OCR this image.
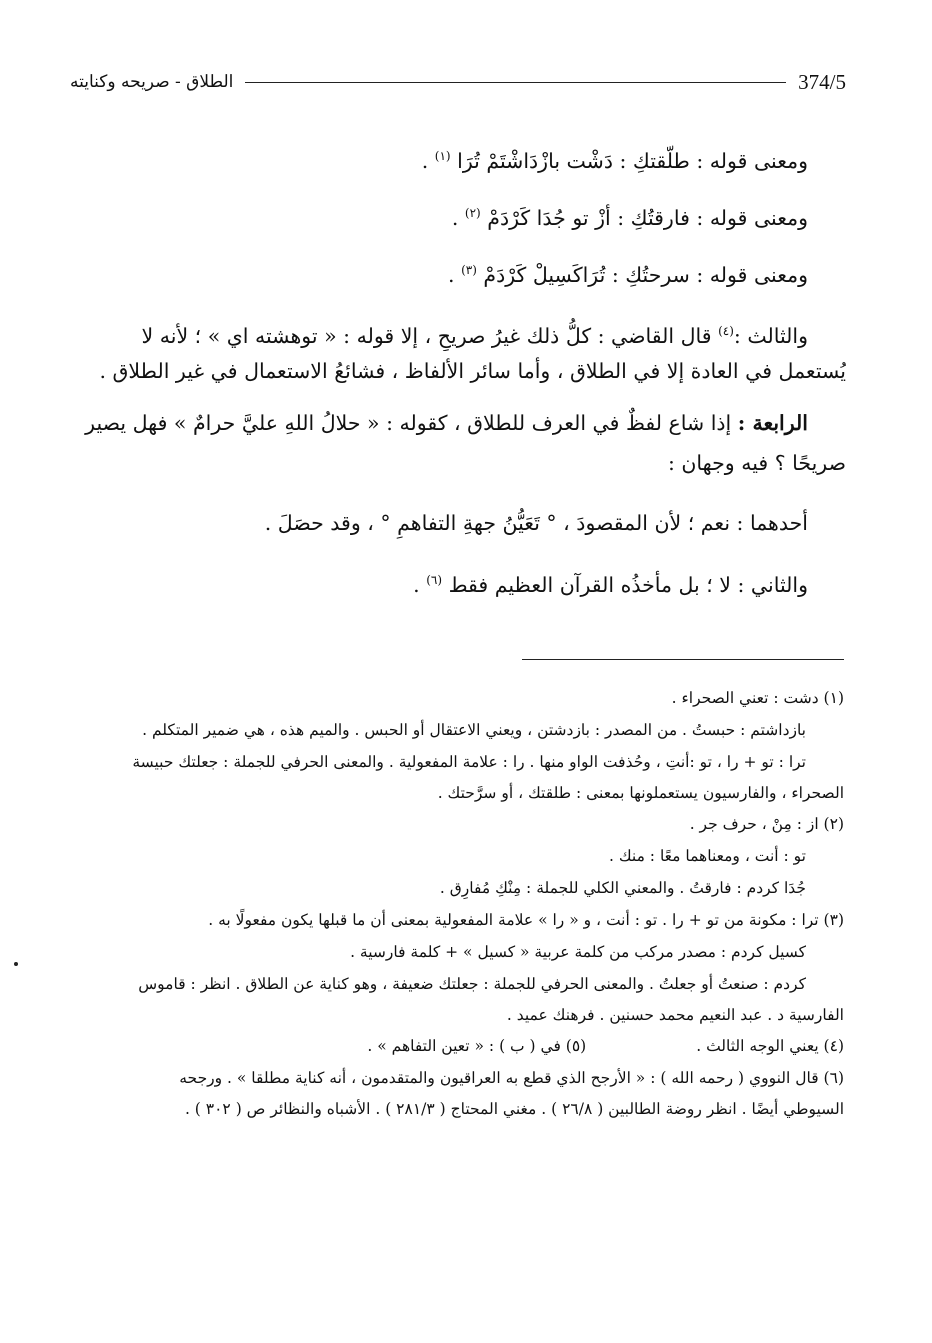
374/5
الطلاق - صريحه وكنايته
ومعنى قوله : طلّقتكِ : دَشْت بازْدَاشْتَمْ تُرَا $^{(١)}$ .
ومعنى قوله : فارقتُكِ : أزْ تو جُدَا كَرْدَمْ $^{(٢)}$ .
ومعنى قوله : سرحتُكِ : تُرَاكَسِيلْ كَرْدَمْ $^{(٣)}$ .
والثالث :$^{(٤)}$ قال القاضي : كلُّ ذلك غيرُ صريحٍ ، إلا قوله : « توهشته اي » ؛ لأنه لا
يُستعمل في العادة إلا في الطلاق ، وأما سائر الألفاظ ، فشائعُ الاستعمال في غير الطلاق .
الرابعة : إذا شاع لفظٌ في العرف للطلاق ، كقوله : « حلالُ اللهِ عليَّ حرامٌ » فهل يصير
صريحًا ؟ فيه وجهان :
أحدهما : نعم ؛ لأن المقصودَ ، ° تَعَيُّنُ جهةِ التفاهمِ ° ، وقد حصَلَ .
والثاني : لا ؛ بل مأخذُه القرآن العظيم فقط $^{(٦)}$ .
(١) دشت : تعني الصحراء .
بازداشتم : حبستُ . من المصدر : بازدشتن ، ويعني الاعتقال أو الحبس . والميم هذه ، هي ضمير المتكلم .
ترا : تو + را ، تو :أنتِ ، وحُذفت الواو منها . را : علامة المفعولية . والمعنى الحرفي للجملة : جعلتك حبيسة
الصحراء ، والفارسيون يستعملونها بمعنى : طلقتك ، أو سرَّحتك .
(٢) از : مِنْ ، حرف جر .
تو : أنت ، ومعناهما معًا : منك .
جُدَا كردم : فارقتُ . والمعني الكلي للجملة : مِنْكِ مُفارِق .
(٣) ترا : مكونة من تو + را . تو : أنت ، و « را » علامة المفعولية بمعنى أن ما قبلها يكون مفعولًا به .
كسيل كردم : مصدر مركب من كلمة عربية « كسيل » + كلمة فارسية .
كردم : صنعتُ أو جعلتُ . والمعنى الحرفي للجملة : جعلتك ضعيفة ، وهو كناية عن الطلاق . انظر : قاموس
الفارسية د . عبد النعيم محمد حسنين . فرهنك عميد .
(٤) يعني الوجه الثالث .
(٥) في ( ب ) : « تعين التفاهم » .
(٦) قال النووي ( رحمه الله ) : « الأرجح الذي قطع به العراقيون والمتقدمون ، أنه كناية مطلقا » . ورجحه
السيوطي أيضًا . انظر روضة الطالبين ( ٢٦/٨ ) . مغني المحتاج ( ٢٨١/٣ ) . الأشباه والنظائر ص ( ٣٠٢ ) .
